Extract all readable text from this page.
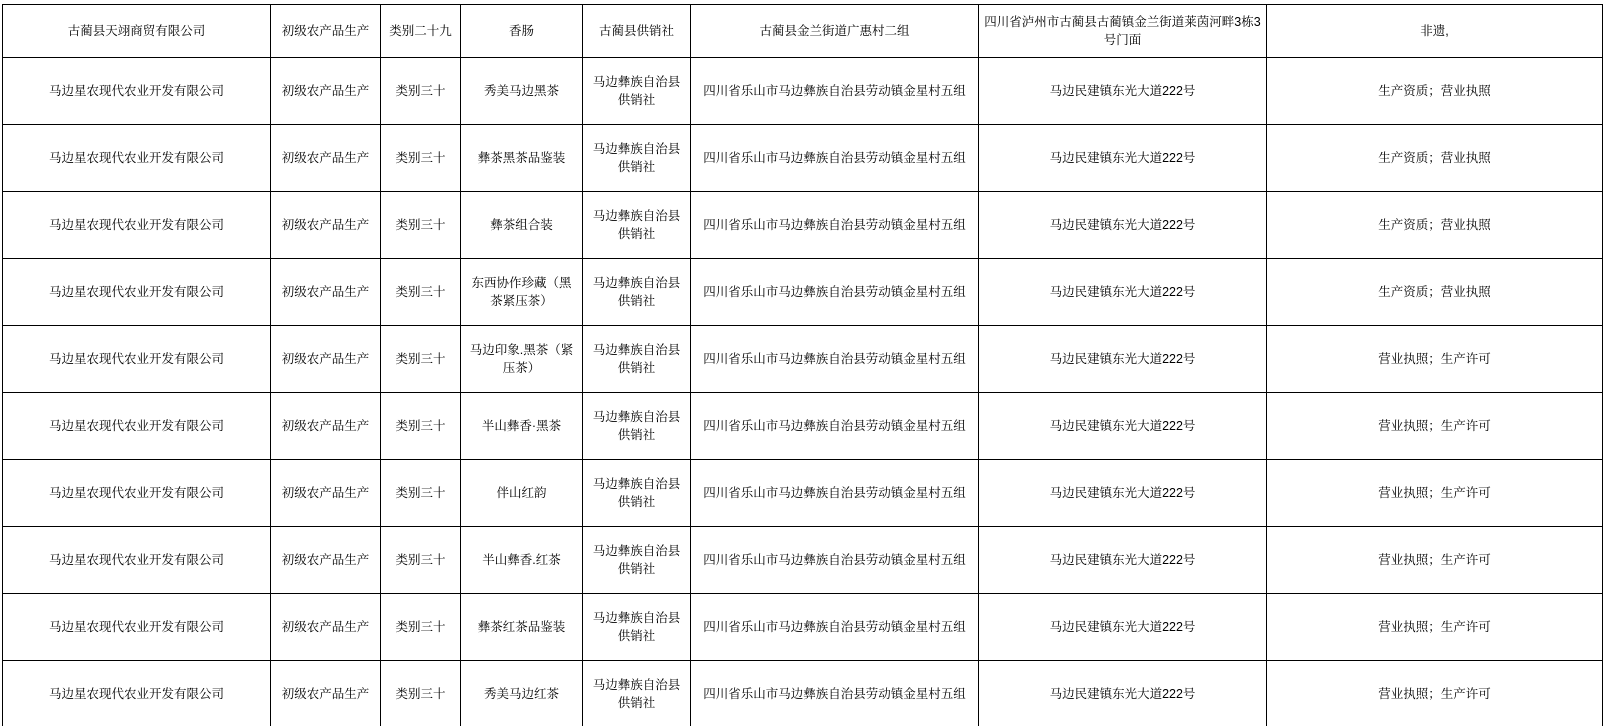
古蔺县天翊商贸有限公司	初级农产品生产	类别二十九	香肠	古蔺县供销社	古蔺县金兰街道广惠村二组	四川省泸州市古蔺县古蔺镇金兰街道莱茵河畔3栋3号门面	非遗,
马边星农现代农业开发有限公司	初级农产品生产	类别三十	秀美马边黑茶	马边彝族自治县供销社	四川省乐山市马边彝族自治县劳动镇金星村五组	马边民建镇东光大道222号	生产资质；营业执照
马边星农现代农业开发有限公司	初级农产品生产	类别三十	彝茶黑茶品鉴装	马边彝族自治县供销社	四川省乐山市马边彝族自治县劳动镇金星村五组	马边民建镇东光大道222号	生产资质；营业执照
马边星农现代农业开发有限公司	初级农产品生产	类别三十	彝茶组合装	马边彝族自治县供销社	四川省乐山市马边彝族自治县劳动镇金星村五组	马边民建镇东光大道222号	生产资质；营业执照
马边星农现代农业开发有限公司	初级农产品生产	类别三十	东西协作珍藏（黑茶紧压茶）	马边彝族自治县供销社	四川省乐山市马边彝族自治县劳动镇金星村五组	马边民建镇东光大道222号	生产资质；营业执照
马边星农现代农业开发有限公司	初级农产品生产	类别三十	马边印象.黑茶（紧压茶）	马边彝族自治县供销社	四川省乐山市马边彝族自治县劳动镇金星村五组	马边民建镇东光大道222号	营业执照；生产许可
马边星农现代农业开发有限公司	初级农产品生产	类别三十	半山彝香·黑茶	马边彝族自治县供销社	四川省乐山市马边彝族自治县劳动镇金星村五组	马边民建镇东光大道222号	营业执照；生产许可
马边星农现代农业开发有限公司	初级农产品生产	类别三十	伴山红韵	马边彝族自治县供销社	四川省乐山市马边彝族自治县劳动镇金星村五组	马边民建镇东光大道222号	营业执照；生产许可
马边星农现代农业开发有限公司	初级农产品生产	类别三十	半山彝香.红茶	马边彝族自治县供销社	四川省乐山市马边彝族自治县劳动镇金星村五组	马边民建镇东光大道222号	营业执照；生产许可
马边星农现代农业开发有限公司	初级农产品生产	类别三十	彝茶红茶品鉴装	马边彝族自治县供销社	四川省乐山市马边彝族自治县劳动镇金星村五组	马边民建镇东光大道222号	营业执照；生产许可
马边星农现代农业开发有限公司	初级农产品生产	类别三十	秀美马边红茶	马边彝族自治县供销社	四川省乐山市马边彝族自治县劳动镇金星村五组	马边民建镇东光大道222号	营业执照；生产许可
